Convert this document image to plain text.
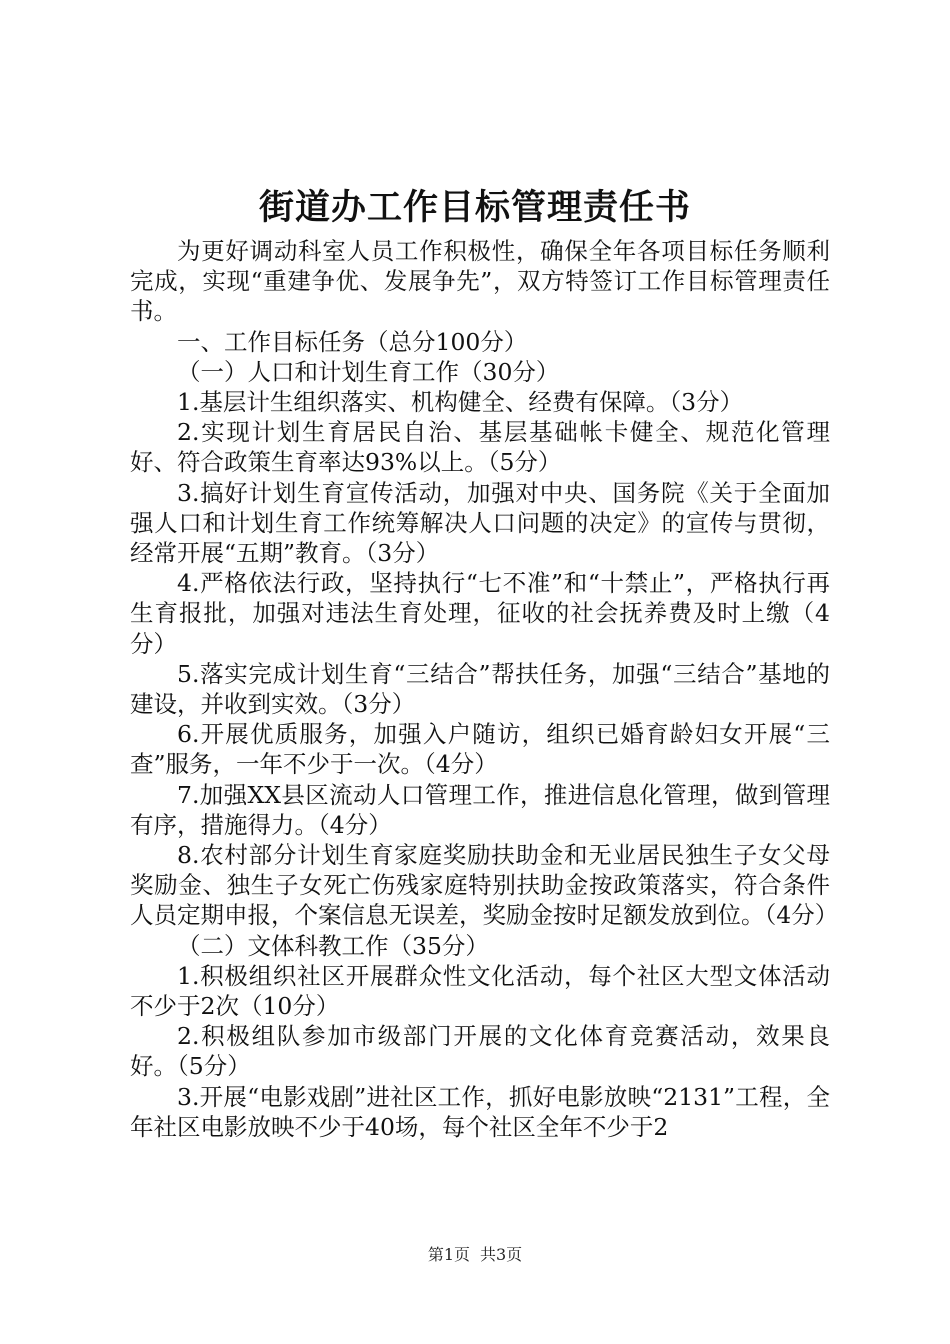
街道办工作目标管理责任书

为更好调动科室人员工作积极性，确保全年各项目标任务顺利完成，实现“重建争优、发展争先”，双方特签订工作目标管理责任书。

一、工作目标任务（总分100分）

（一）人口和计划生育工作（30分）

1.基层计生组织落实、机构健全、经费有保障。（3分）

2.实现计划生育居民自治、基层基础帐卡健全、规范化管理好、符合政策生育率达93%以上。（5分）

3.搞好计划生育宣传活动，加强对中央、国务院《关于全面加强人口和计划生育工作统筹解决人口问题的决定》的宣传与贯彻，经常开展“五期”教育。（3分）

4.严格依法行政，坚持执行“七不准”和“十禁止”，严格执行再生育报批，加强对违法生育处理，征收的社会抚养费及时上缴（4分）

5.落实完成计划生育“三结合”帮扶任务，加强“三结合”基地的建设，并收到实效。（3分）

6.开展优质服务，加强入户随访，组织已婚育龄妇女开展“三查”服务，一年不少于一次。（4分）

7.加强XX县区流动人口管理工作，推进信息化管理，做到管理有序，措施得力。（4分）

8.农村部分计划生育家庭奖励扶助金和无业居民独生子女父母奖励金、独生子女死亡伤残家庭特别扶助金按政策落实，符合条件人员定期申报，个案信息无误差，奖励金按时足额发放到位。（4分）

（二）文体科教工作（35分）

1.积极组织社区开展群众性文化活动，每个社区大型文体活动不少于2次（10分）

2.积极组队参加市级部门开展的文化体育竞赛活动，效果良好。（5分）

3.开展“电影戏剧”进社区工作，抓好电影放映“2131”工程，全年社区电影放映不少于40场，每个社区全年不少于2

第1页 共3页
